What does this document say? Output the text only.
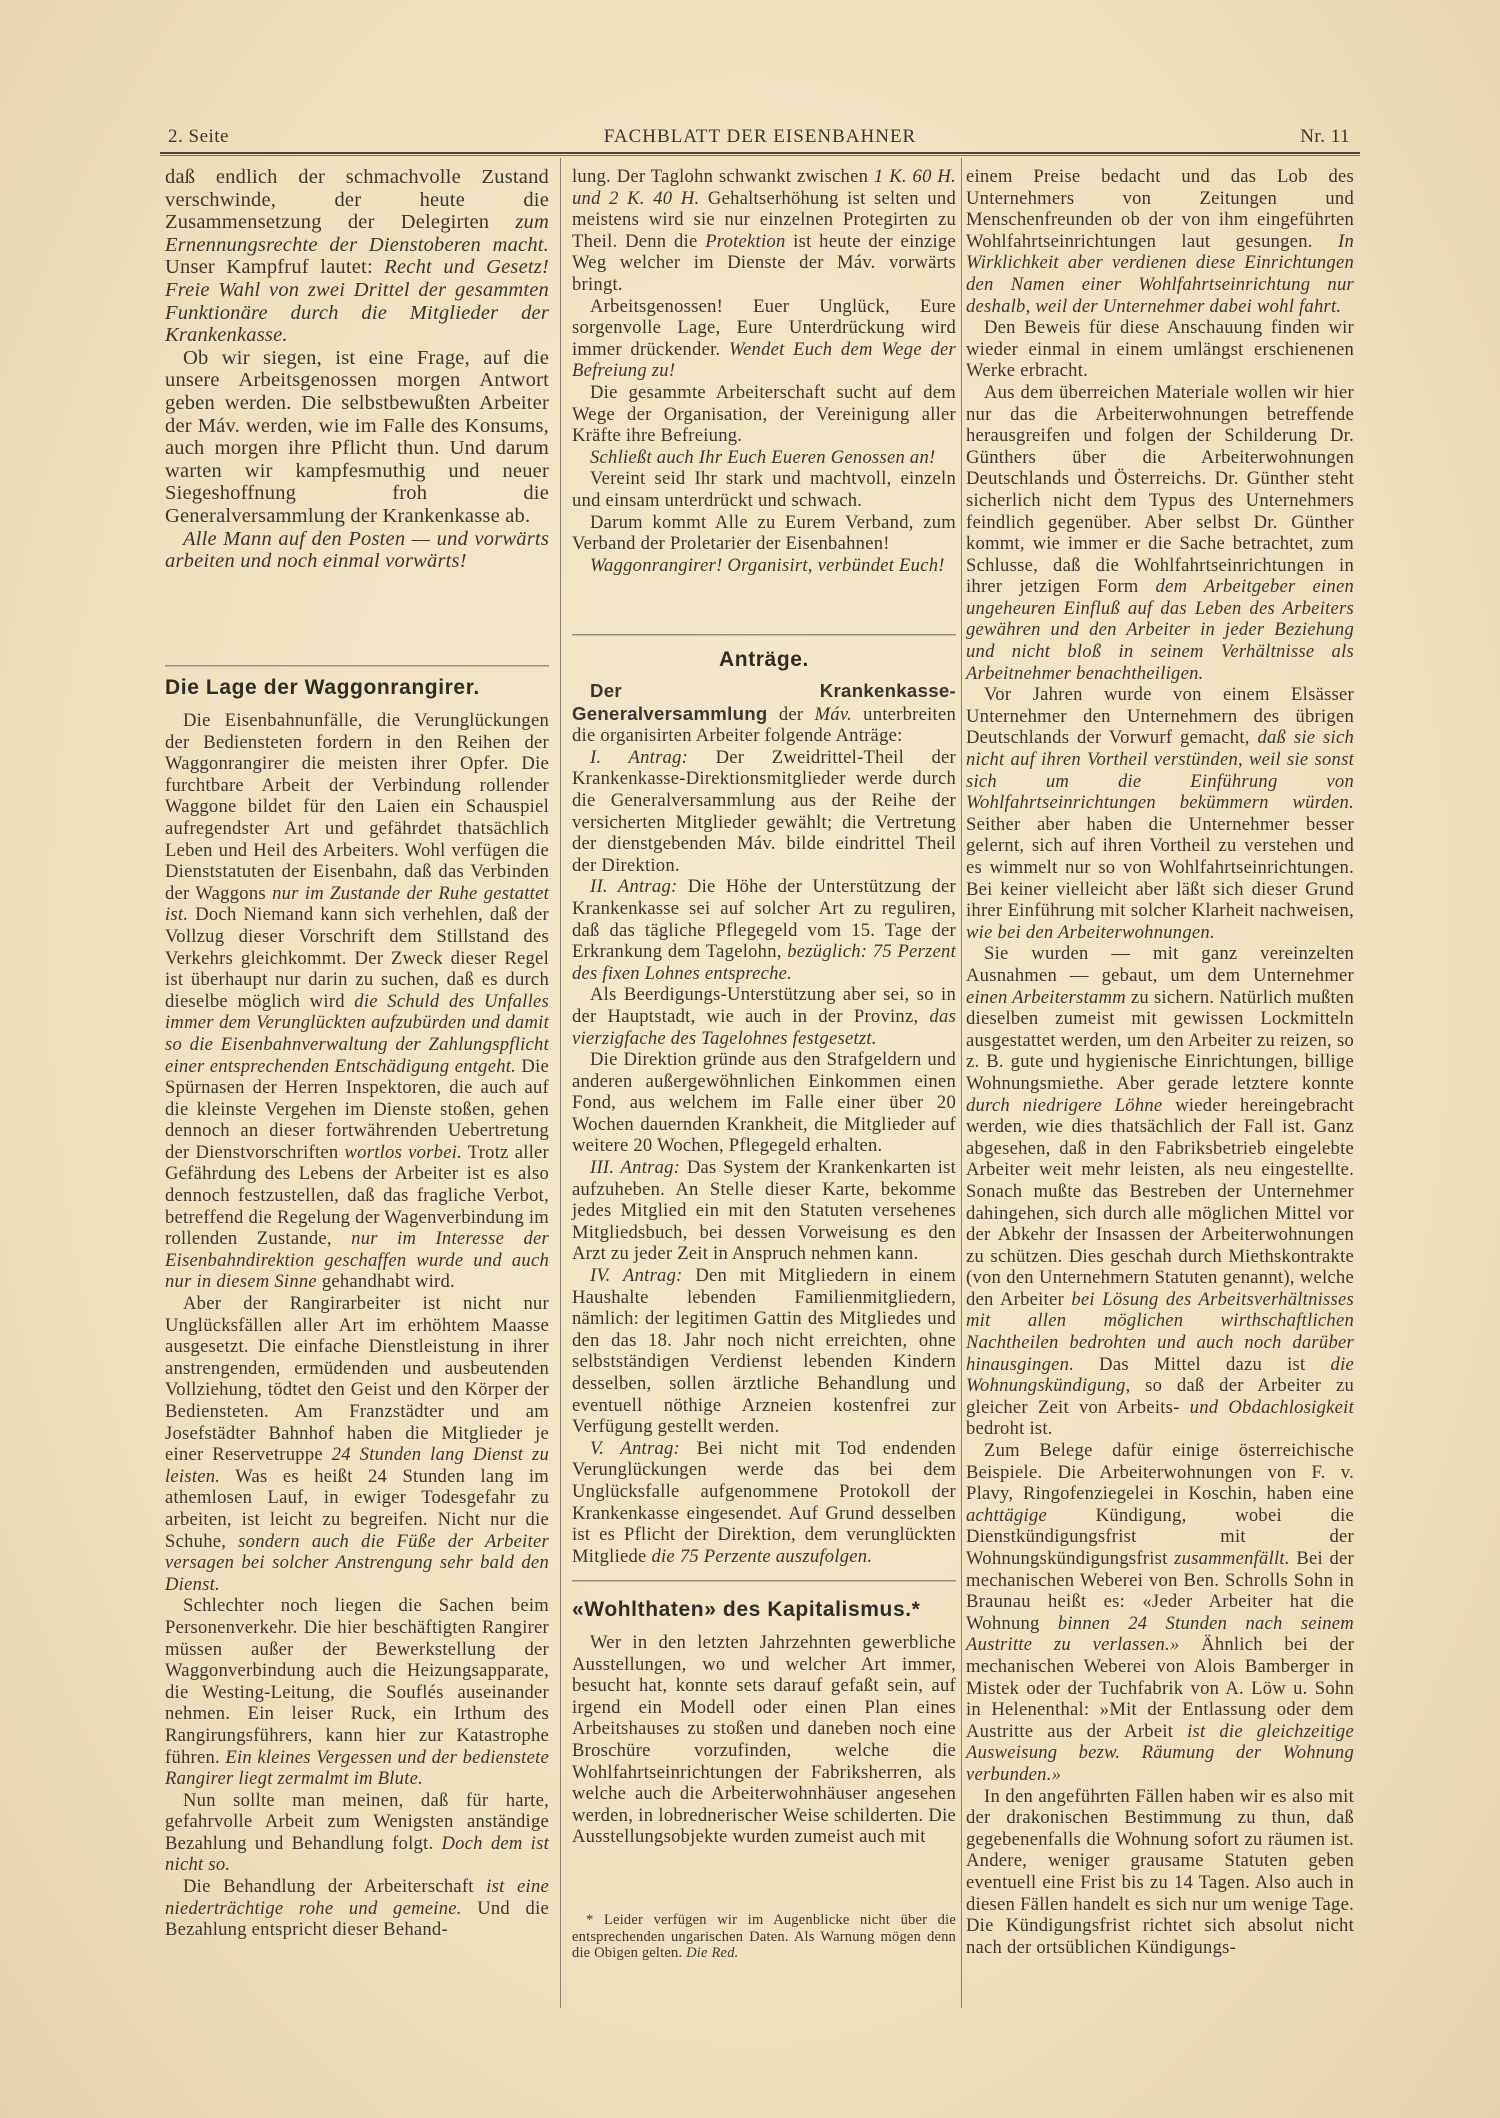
2. Seite	FACHBLATT DER EISENBAHNER	Nr. 11

daß endlich der schmachvolle Zustand verschwinde, der heute die Zusammensetzung der Delegirten zum Ernennungsrechte der Dienstoberen macht. Unser Kampfruf lautet: Recht und Gesetz! Freie Wahl von zwei Drittel der gesammten Funktionäre durch die Mitglieder der Krankenkasse.

Ob wir siegen, ist eine Frage, auf die unsere Arbeitsgenossen morgen Antwort geben werden. Die selbstbewußten Arbeiter der Máv. werden, wie im Falle des Konsums, auch morgen ihre Pflicht thun. Und darum warten wir kampfesmuthig und neuer Siegeshoffnung froh die Generalversammlung der Krankenkasse ab.

Alle Mann auf den Posten — und vorwärts arbeiten und noch einmal vorwärts!

Die Lage der Waggonrangirer.

Die Eisenbahnunfälle, die Verunglückungen der Bediensteten fordern in den Reihen der Waggonrangirer die meisten ihrer Opfer. Die furchtbare Arbeit der Verbindung rollender Waggone bildet für den Laien ein Schauspiel aufregendster Art und gefährdet thatsächlich Leben und Heil des Arbeiters. Wohl verfügen die Dienststatuten der Eisenbahn, daß das Verbinden der Waggons nur im Zustande der Ruhe gestattet ist. Doch Niemand kann sich verhehlen, daß der Vollzug dieser Vorschrift dem Stillstand des Verkehrs gleichkommt. Der Zweck dieser Regel ist überhaupt nur darin zu suchen, daß es durch dieselbe möglich wird die Schuld des Unfalles immer dem Verunglückten aufzubürden und damit so die Eisenbahnverwaltung der Zahlungspflicht einer entsprechenden Entschädigung entgeht. Die Spürnasen der Herren Inspektoren, die auch auf die kleinste Vergehen im Dienste stoßen, gehen dennoch an dieser fortwährenden Uebertretung der Dienstvorschriften wortlos vorbei. Trotz aller Gefährdung des Lebens der Arbeiter ist es also dennoch festzustellen, daß das fragliche Verbot, betreffend die Regelung der Wagenverbindung im rollenden Zustande, nur im Interesse der Eisenbahndirektion geschaffen wurde und auch nur in diesem Sinne gehandhabt wird.

Aber der Rangirarbeiter ist nicht nur Unglücksfällen aller Art im erhöhtem Maasse ausgesetzt. Die einfache Dienstleistung in ihrer anstrengenden, ermüdenden und ausbeutenden Vollziehung, tödtet den Geist und den Körper der Bediensteten. Am Franzstädter und am Josefstädter Bahnhof haben die Mitglieder je einer Reservetruppe 24 Stunden lang Dienst zu leisten. Was es heißt 24 Stunden lang im athemlosen Lauf, in ewiger Todesgefahr zu arbeiten, ist leicht zu begreifen. Nicht nur die Schuhe, sondern auch die Füße der Arbeiter versagen bei solcher Anstrengung sehr bald den Dienst.

Schlechter noch liegen die Sachen beim Personenverkehr. Die hier beschäftigten Rangirer müssen außer der Bewerkstellung der Waggonverbindung auch die Heizungsapparate, die Westing-Leitung, die Souflés auseinander nehmen. Ein leiser Ruck, ein Irthum des Rangirungsführers, kann hier zur Katastrophe führen. Ein kleines Vergessen und der bedienstete Rangirer liegt zermalmt im Blute.

Nun sollte man meinen, daß für harte, gefahrvolle Arbeit zum Wenigsten anständige Bezahlung und Behandlung folgt. Doch dem ist nicht so.

Die Behandlung der Arbeiterschaft ist eine niederträchtige rohe und gemeine. Und die Bezahlung entspricht dieser Behand-

lung. Der Taglohn schwankt zwischen 1 K. 60 H. und 2 K. 40 H. Gehaltserhöhung ist selten und meistens wird sie nur einzelnen Protegirten zu Theil. Denn die Protektion ist heute der einzige Weg welcher im Dienste der Máv. vorwärts bringt.

Arbeitsgenossen! Euer Unglück, Eure sorgenvolle Lage, Eure Unterdrückung wird immer drückender. Wendet Euch dem Wege der Befreiung zu!

Die gesammte Arbeiterschaft sucht auf dem Wege der Organisation, der Vereinigung aller Kräfte ihre Befreiung.

Schließt auch Ihr Euch Eueren Genossen an!

Vereint seid Ihr stark und machtvoll, einzeln und einsam unterdrückt und schwach.

Darum kommt Alle zu Eurem Verband, zum Verband der Proletarier der Eisenbahnen!

Waggonrangirer! Organisirt, verbündet Euch!

Anträge.

Der Krankenkasse-Generalversammlung der Máv. unterbreiten die organisirten Arbeiter folgende Anträge:

I. Antrag: Der Zweidrittel-Theil der Krankenkasse-Direktionsmitglieder werde durch die Generalversammlung aus der Reihe der versicherten Mitglieder gewählt; die Vertretung der dienstgebenden Máv. bilde eindrittel Theil der Direktion.

II. Antrag: Die Höhe der Unterstützung der Krankenkasse sei auf solcher Art zu reguliren, daß das tägliche Pflegegeld vom 15. Tage der Erkrankung dem Tagelohn, bezüglich: 75 Perzent des fixen Lohnes entspreche.

Als Beerdigungs-Unterstützung aber sei, so in der Hauptstadt, wie auch in der Provinz, das vierzigfache des Tagelohnes festgesetzt.

Die Direktion gründe aus den Strafgeldern und anderen außergewöhnlichen Einkommen einen Fond, aus welchem im Falle einer über 20 Wochen dauernden Krankheit, die Mitglieder auf weitere 20 Wochen, Pflegegeld erhalten.

III. Antrag: Das System der Krankenkarten ist aufzuheben. An Stelle dieser Karte, bekomme jedes Mitglied ein mit den Statuten versehenes Mitgliedsbuch, bei dessen Vorweisung es den Arzt zu jeder Zeit in Anspruch nehmen kann.

IV. Antrag: Den mit Mitgliedern in einem Haushalte lebenden Familienmitgliedern, nämlich: der legitimen Gattin des Mitgliedes und den das 18. Jahr noch nicht erreichten, ohne selbstständigen Verdienst lebenden Kindern desselben, sollen ärztliche Behandlung und eventuell nöthige Arzneien kostenfrei zur Verfügung gestellt werden.

V. Antrag: Bei nicht mit Tod endenden Verunglückungen werde das bei dem Unglücksfalle aufgenommene Protokoll der Krankenkasse eingesendet. Auf Grund desselben ist es Pflicht der Direktion, dem verunglückten Mitgliede die 75 Perzente auszufolgen.

«Wohlthaten» des Kapitalismus.*

Wer in den letzten Jahrzehnten gewerbliche Ausstellungen, wo und welcher Art immer, besucht hat, konnte sets darauf gefaßt sein, auf irgend ein Modell oder einen Plan eines Arbeitshauses zu stoßen und daneben noch eine Broschüre vorzufinden, welche die Wohlfahrtseinrichtungen der Fabriksherren, als welche auch die Arbeiterwohnhäuser angesehen werden, in lobrednerischer Weise schilderten. Die Ausstellungsobjekte wurden zumeist auch mit

* Leider verfügen wir im Augenblicke nicht über die entsprechenden ungarischen Daten. Als Warnung mögen denn die Obigen gelten. Die Red.

einem Preise bedacht und das Lob des Unternehmers von Zeitungen und Menschenfreunden ob der von ihm eingeführten Wohlfahrtseinrichtungen laut gesungen. In Wirklichkeit aber verdienen diese Einrichtungen den Namen einer Wohlfahrtseinrichtung nur deshalb, weil der Unternehmer dabei wohl fahrt.

Den Beweis für diese Anschauung finden wir wieder einmal in einem umlängst erschienenen Werke erbracht.

Aus dem überreichen Materiale wollen wir hier nur das die Arbeiterwohnungen betreffende herausgreifen und folgen der Schilderung Dr. Günthers über die Arbeiterwohnungen Deutschlands und Österreichs. Dr. Günther steht sicherlich nicht dem Typus des Unternehmers feindlich gegenüber. Aber selbst Dr. Günther kommt, wie immer er die Sache betrachtet, zum Schlusse, daß die Wohlfahrtseinrichtungen in ihrer jetzigen Form dem Arbeitgeber einen ungeheuren Einfluß auf das Leben des Arbeiters gewähren und den Arbeiter in jeder Beziehung und nicht bloß in seinem Verhältnisse als Arbeitnehmer benachtheiligen.

Vor Jahren wurde von einem Elsässer Unternehmer den Unternehmern des übrigen Deutschlands der Vorwurf gemacht, daß sie sich nicht auf ihren Vortheil verstünden, weil sie sonst sich um die Einführung von Wohlfahrtseinrichtungen bekümmern würden. Seither aber haben die Unternehmer besser gelernt, sich auf ihren Vortheil zu verstehen und es wimmelt nur so von Wohlfahrtseinrichtungen. Bei keiner vielleicht aber läßt sich dieser Grund ihrer Einführung mit solcher Klarheit nachweisen, wie bei den Arbeiterwohnungen.

Sie wurden — mit ganz vereinzelten Ausnahmen — gebaut, um dem Unternehmer einen Arbeiterstamm zu sichern. Natürlich mußten dieselben zumeist mit gewissen Lockmitteln ausgestattet werden, um den Arbeiter zu reizen, so z. B. gute und hygienische Einrichtungen, billige Wohnungsmiethe. Aber gerade letztere konnte durch niedrigere Löhne wieder hereingebracht werden, wie dies thatsächlich der Fall ist. Ganz abgesehen, daß in den Fabriksbetrieb eingelebte Arbeiter weit mehr leisten, als neu eingestellte. Sonach mußte das Bestreben der Unternehmer dahingehen, sich durch alle möglichen Mittel vor der Abkehr der Insassen der Arbeiterwohnungen zu schützen. Dies geschah durch Miethskontrakte (von den Unternehmern Statuten genannt), welche den Arbeiter bei Lösung des Arbeitsverhältnisses mit allen möglichen wirthschaftlichen Nachtheilen bedrohten und auch noch darüber hinausgingen. Das Mittel dazu ist die Wohnungskündigung, so daß der Arbeiter zu gleicher Zeit von Arbeits- und Obdachlosigkeit bedroht ist.

Zum Belege dafür einige österreichische Beispiele. Die Arbeiterwohnungen von F. v. Plavy, Ringofenziegelei in Koschin, haben eine achttägige Kündigung, wobei die Dienstkündigungsfrist mit der Wohnungskündigungsfrist zusammenfällt. Bei der mechanischen Weberei von Ben. Schrolls Sohn in Braunau heißt es: «Jeder Arbeiter hat die Wohnung binnen 24 Stunden nach seinem Austritte zu verlassen.» Ähnlich bei der mechanischen Weberei von Alois Bamberger in Mistek oder der Tuchfabrik von A. Löw u. Sohn in Helenenthal: »Mit der Entlassung oder dem Austritte aus der Arbeit ist die gleichzeitige Ausweisung bezw. Räumung der Wohnung verbunden.»

In den angeführten Fällen haben wir es also mit der drakonischen Bestimmung zu thun, daß gegebenenfalls die Wohnung sofort zu räumen ist. Andere, weniger grausame Statuten geben eventuell eine Frist bis zu 14 Tagen. Also auch in diesen Fällen handelt es sich nur um wenige Tage. Die Kündigungsfrist richtet sich absolut nicht nach der ortsüblichen Kündigungs-
